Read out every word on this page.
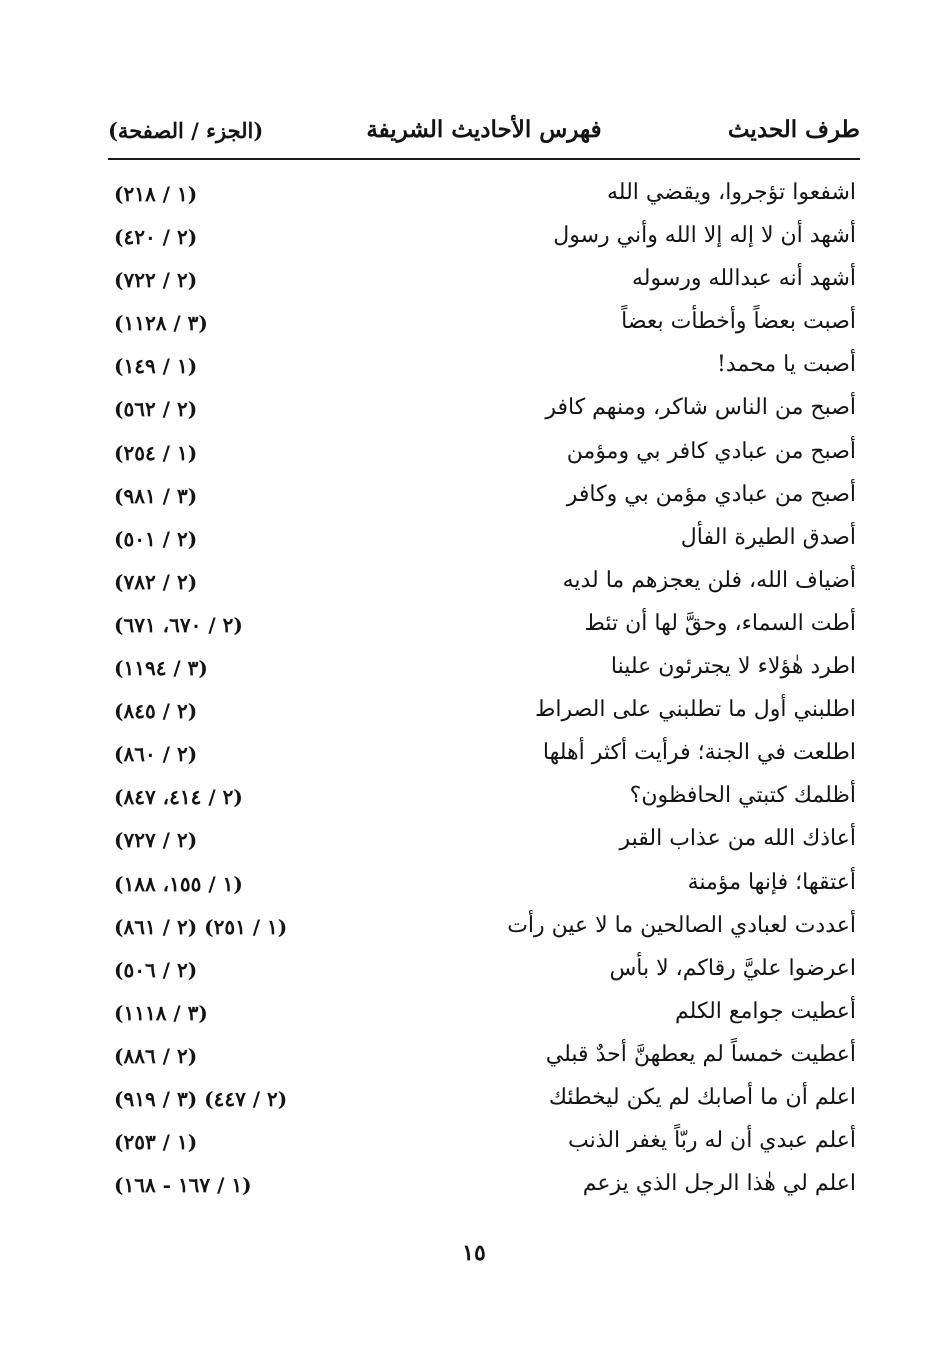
طرف الحديث
فهرس الأحاديث الشريفة
(الجزء / الصفحة)
اشفعوا تؤجروا، ويقضي الله
(١ / ٢١٨)
أشهد أن لا إله إلا الله وأني رسول
(٢ / ٤٢٠)
أشهد أنه عبدالله ورسوله
(٢ / ٧٢٢)
أصبت بعضاً وأخطأت بعضاً
(٣ / ١١٢٨)
أصبت يا محمد!
(١ / ١٤٩)
أصبح من الناس شاكر، ومنهم كافر
(٢ / ٥٦٢)
أصبح من عبادي كافر بي ومؤمن
(١ / ٢٥٤)
أصبح من عبادي مؤمن بي وكافر
(٣ / ٩٨١)
أصدق الطيرة الفأل
(٢ / ٥٠١)
أضياف الله، فلن يعجزهم ما لديه
(٢ / ٧٨٢)
أطت السماء، وحقَّ لها أن تئط
(٢ / ٦٧٠، ٦٧١)
اطرد هٰؤلاء لا يجترئون علينا
(٣ / ١١٩٤)
اطلبني أول ما تطلبني على الصراط
(٢ / ٨٤٥)
اطلعت في الجنة؛ فرأيت أكثر أهلها
(٢ / ٨٦٠)
أظلمك كتبتي الحافظون؟
(٢ / ٤١٤، ٨٤٧)
أعاذك الله من عذاب القبر
(٢ / ٧٢٧)
أعتقها؛ فإنها مؤمنة
(١ / ١٥٥، ١٨٨)
أعددت لعبادي الصالحين ما لا عين رأت
(١ / ٢٥١) (٢ / ٨٦١)
اعرضوا عليَّ رقاكم، لا بأس
(٢ / ٥٠٦)
أعطيت جوامع الكلم
(٣ / ١١١٨)
أعطيت خمساً لم يعطهنَّ أحدٌ قبلي
(٢ / ٨٨٦)
اعلم أن ما أصابك لم يكن ليخطئك
(٢ / ٤٤٧) (٣ / ٩١٩)
أعلم عبدي أن له ربّاً يغفر الذنب
(١ / ٢٥٣)
اعلم لي هٰذا الرجل الذي يزعم
(١ / ١٦٧ - ١٦٨)
١٥
